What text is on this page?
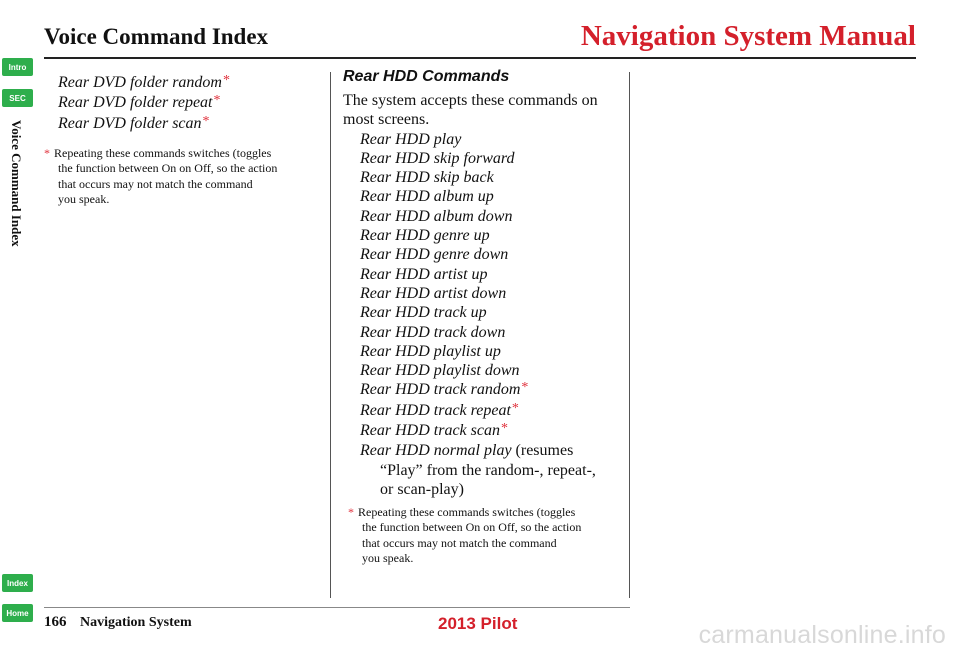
Voice Command Index	Navigation System Manual
Intro
SEC
Voice Command Index
Index
Home
Rear DVD folder random*
Rear DVD folder repeat*
Rear DVD folder scan*
* Repeating these commands switches (toggles
the function between On on Off, so the action
that occurs may not match the command
you speak.
Rear HDD Commands
The system accepts these commands on
most screens.
Rear HDD play
Rear HDD skip forward
Rear HDD skip back
Rear HDD album up
Rear HDD album down
Rear HDD genre up
Rear HDD genre down
Rear HDD artist up
Rear HDD artist down
Rear HDD track up
Rear HDD track down
Rear HDD playlist up
Rear HDD playlist down
Rear HDD track random*
Rear HDD track repeat*
Rear HDD track scan*
Rear HDD normal play (resumes
“Play” from the random-, repeat-,
or scan-play)
* Repeating these commands switches (toggles
the function between On on Off, so the action
that occurs may not match the command
you speak.
166 Navigation System	2013 Pilot	carmanualsonline.info
